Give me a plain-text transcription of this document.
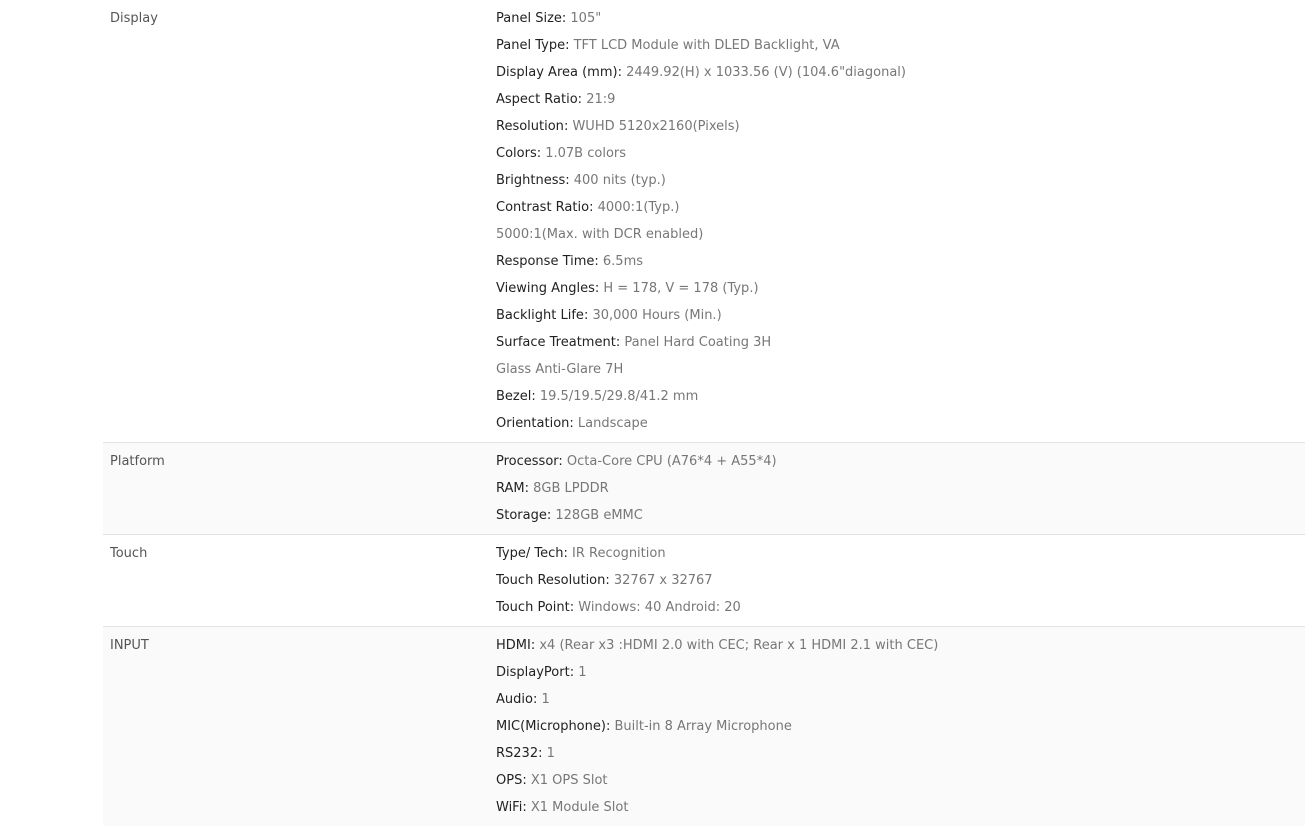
Display	Panel Size: 105"
Panel Type: TFT LCD Module with DLED Backlight, VA
Display Area (mm): 2449.92(H) x 1033.56 (V) (104.6"diagonal)
Aspect Ratio: 21:9
Resolution: WUHD 5120x2160(Pixels)
Colors: 1.07B colors
Brightness: 400 nits (typ.)
Contrast Ratio: 4000:1(Typ.)
5000:1(Max. with DCR enabled)
Response Time: 6.5ms
Viewing Angles: H = 178, V = 178 (Typ.)
Backlight Life: 30,000 Hours (Min.)
Surface Treatment: Panel Hard Coating 3H
Glass Anti-Glare 7H
Bezel: 19.5/19.5/29.8/41.2 mm
Orientation: Landscape
Platform	Processor: Octa-Core CPU (A76*4 + A55*4)
RAM: 8GB LPDDR
Storage: 128GB eMMC
Touch	Type/ Tech: IR Recognition
Touch Resolution: 32767 x 32767
Touch Point: Windows: 40 Android: 20
INPUT	HDMI: x4 (Rear x3 :HDMI 2.0 with CEC; Rear x 1 HDMI 2.1 with CEC)
DisplayPort: 1
Audio: 1
MIC(Microphone): Built-in 8 Array Microphone
RS232: 1
OPS: X1 OPS Slot
WiFi: X1 Module Slot
